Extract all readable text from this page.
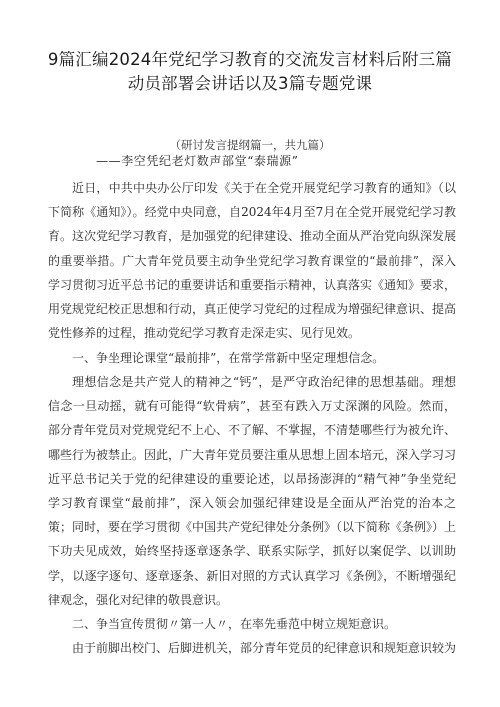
9篇汇编2024年党纪学习教育的交流发言材料后附三篇动员部署会讲话以及3篇专题党课
（研讨发言提纲篇一，共九篇）
——李空凭纪老灯数声部堂“泰瑞源”

近日，中共中央办公厅印发《关于在全党开展党纪学习教育的通知》（以下简称《通知》）。经党中央同意，自2024年4月至7月在全党开展党纪学习教育。这次党纪学习教育，是加强党的纪律建设、推动全面从严治党向纵深发展的重要举措。广大青年党员要主动争坐党纪学习教育课堂的“最前排”，深入学习贯彻习近平总书记的重要讲话和重要指示精神，认真落实《通知》要求，用党规党纪校正思想和行动，真正使学习党纪的过程成为增强纪律意识、提高党性修养的过程，推动党纪学习教育走深走实、见行见效。

一、争坐理论课堂“最前排”，在常学常新中坚定理想信念。

理想信念是共产党人的精神之“钙”，是严守政治纪律的思想基础。理想信念一旦动摇，就有可能得“软骨病”，甚至有跌入万丈深渊的风险。然而，部分青年党员对党规党纪不上心、不了解、不掌握，不清楚哪些行为被允许、哪些行为被禁止。因此，广大青年党员要注重从思想上固本培元，深入学习习近平总书记关于党的纪律建设的重要论述，以昂扬澎湃的“精气神”争坐党纪学习教育课堂“最前排”，深入领会加强纪律建设是全面从严治党的治本之策；同时，要在学习贯彻《中国共产党纪律处分条例》（以下简称《条例》）上下功夫见成效，始终坚持逐章逐条学、联系实际学，抓好以案促学、以训助学，以逐字逐句、逐章逐条、新旧对照的方式认真学习《条例》，不断增强纪律观念，强化对纪律的敬畏意识。

二、争当宣传贯彻〃第一人〃，在率先垂范中树立规矩意识。

由于前脚出校门、后脚进机关，部分青年党员的纪律意识和规矩意识较为
